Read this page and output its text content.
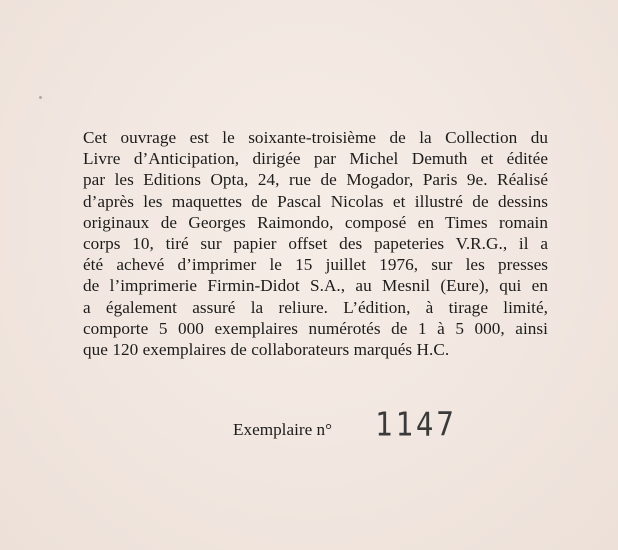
Cet ouvrage est le soixante-troisième de la Collection du
Livre d’Anticipation, dirigée par Michel Demuth et éditée
par les Editions Opta, 24, rue de Mogador, Paris 9e. Réalisé
d’après les maquettes de Pascal Nicolas et illustré de dessins
originaux de Georges Raimondo, composé en Times romain
corps 10, tiré sur papier offset des papeteries V.R.G., il a
été achevé d’imprimer le 15 juillet 1976, sur les presses
de l’imprimerie Firmin-Didot S.A., au Mesnil (Eure), qui en
a également assuré la reliure. L’édition, à tirage limité,
comporte 5 000 exemplaires numérotés de 1 à 5 000, ainsi
que 120 exemplaires de collaborateurs marqués H.C.

Exemplaire n° 1147
